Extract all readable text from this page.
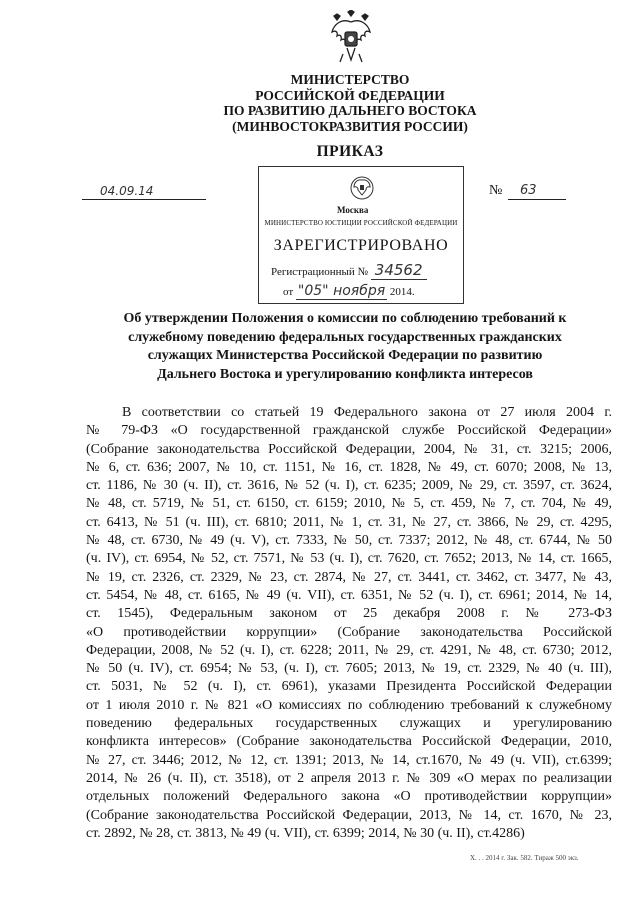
МИНИСТЕРСТВО
РОССИЙСКОЙ ФЕДЕРАЦИИ
ПО РАЗВИТИЮ ДАЛЬНЕГО ВОСТОКА
(МИНВОСТОКРАЗВИТИЯ РОССИИ)
ПРИКАЗ
04.09.14	№	63
Москва
МИНИСТЕРСТВО ЮСТИЦИИ РОССИЙСКОЙ ФЕДЕРАЦИИ
ЗАРЕГИСТРИРОВАНО
Регистрационный № 34562
от "05" ноября 2014.
Об утверждении Положения о комиссии по соблюдению требований к
служебному поведению федеральных государственных гражданских
служащих Министерства Российской Федерации по развитию
Дальнего Востока и урегулированию конфликта интересов
В соответствии со статьей 19 Федерального закона от 27 июля 2004 г.
№ 79-ФЗ «О государственной гражданской службе Российской Федерации»
(Собрание законодательства Российской Федерации, 2004, № 31, ст. 3215; 2006,
№ 6, ст. 636; 2007, № 10, ст. 1151, № 16, ст. 1828, № 49, ст. 6070; 2008, № 13,
ст. 1186, № 30 (ч. II), ст. 3616, № 52 (ч. I), ст. 6235; 2009, № 29, ст. 3597, ст. 3624,
№ 48, ст. 5719, № 51, ст. 6150, ст. 6159; 2010, № 5, ст. 459, № 7, ст. 704, № 49,
ст. 6413, № 51 (ч. III), ст. 6810; 2011, № 1, ст. 31, № 27, ст. 3866, № 29, ст. 4295,
№ 48, ст. 6730, № 49 (ч. V), ст. 7333, № 50, ст. 7337; 2012, № 48, ст. 6744, № 50
(ч. IV), ст. 6954, № 52, ст. 7571, № 53 (ч. I), ст. 7620, ст. 7652; 2013, № 14, ст. 1665,
№ 19, ст. 2326, ст. 2329, № 23, ст. 2874, № 27, ст. 3441, ст. 3462, ст. 3477, № 43,
ст. 5454, № 48, ст. 6165, № 49 (ч. VII), ст. 6351, № 52 (ч. I), ст. 6961; 2014, № 14,
ст. 1545), Федеральным законом от 25 декабря 2008 г. № 273-ФЗ
«О противодействии коррупции» (Собрание законодательства Российской
Федерации, 2008, № 52 (ч. I), ст. 6228; 2011, № 29, ст. 4291, № 48, ст. 6730; 2012,
№ 50 (ч. IV), ст. 6954; № 53, (ч. I), ст. 7605; 2013, № 19, ст. 2329, № 40 (ч. III),
ст. 5031, № 52 (ч. I), ст. 6961), указами Президента Российской Федерации
от 1 июля 2010 г. № 821 «О комиссиях по соблюдению требований к служебному
поведению федеральных государственных служащих и урегулированию
конфликта интересов» (Собрание законодательства Российской Федерации, 2010,
№ 27, ст. 3446; 2012, № 12, ст. 1391; 2013, № 14, ст.1670, № 49 (ч. VII), ст.6399;
2014, № 26 (ч. II), ст. 3518), от 2 апреля 2013 г. № 309 «О мерах по реализации
отдельных положений Федерального закона «О противодействии коррупции»
(Собрание законодательства Российской Федерации, 2013, № 14, ст. 1670, № 23,
ст. 2892, № 28, ст. 3813, № 49 (ч. VII), ст. 6399; 2014, № 30 (ч. II), ст.4286)
Х. . . 2014 г. Зак. 582. Тираж 500 экз.
